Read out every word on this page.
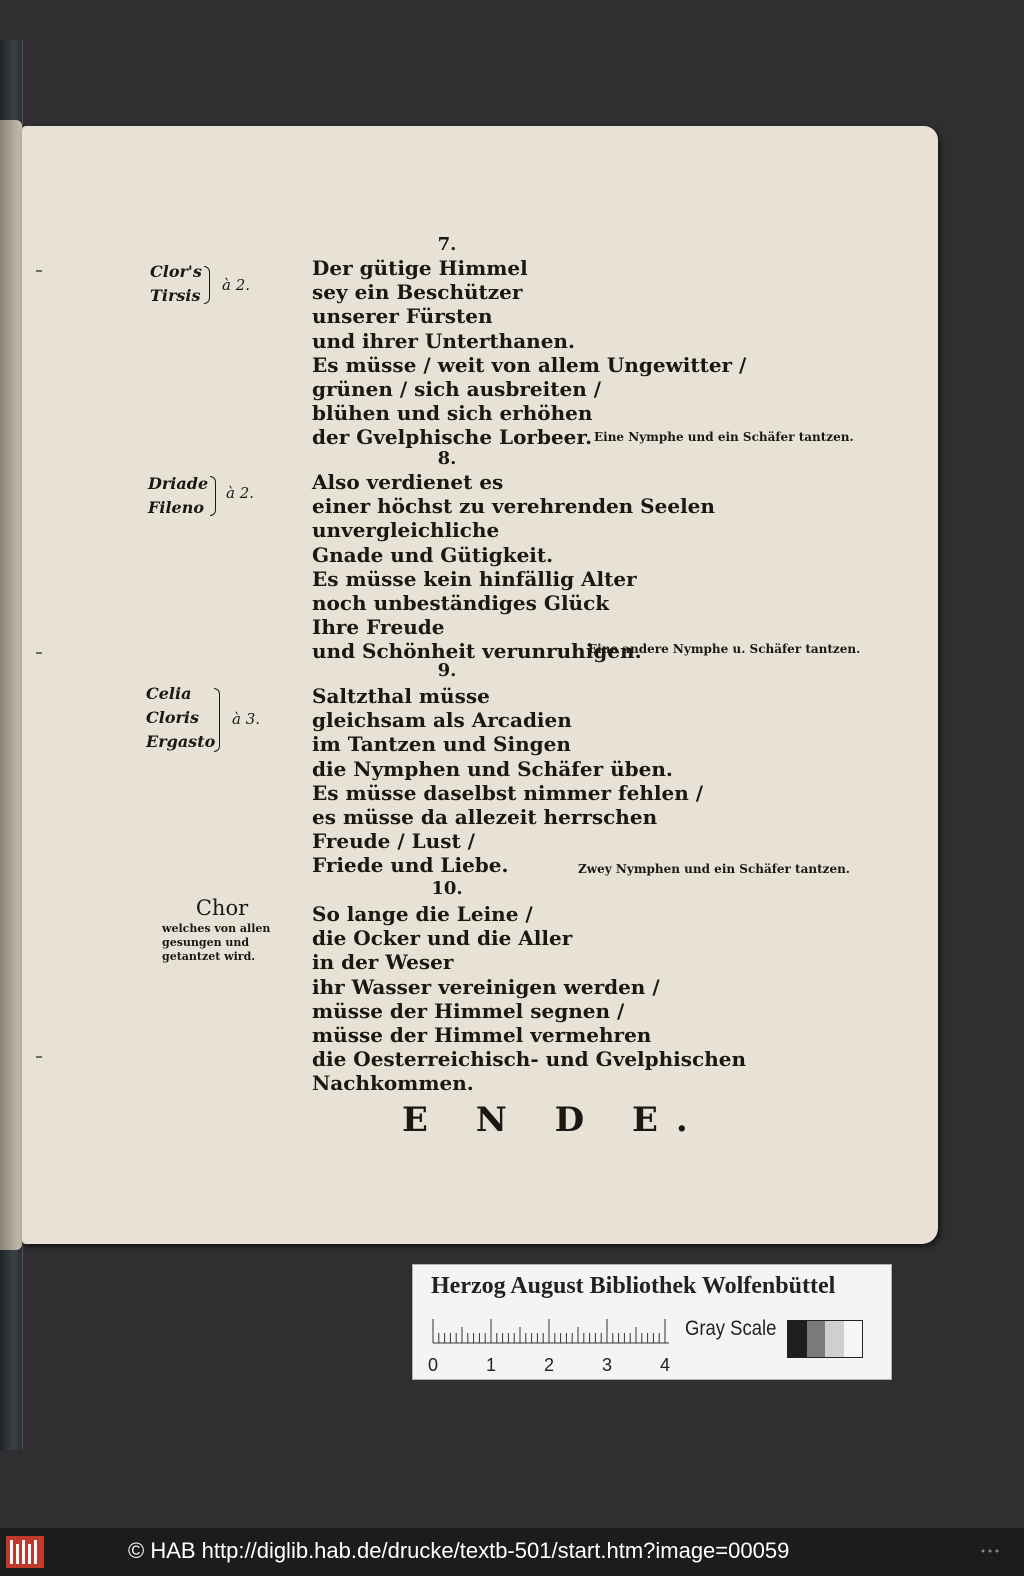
7.
Clor's
Tirsis
à 2.
Der gütige Himmel
sey ein Beschützer
unserer Fürsten
und ihrer Unterthanen.
Es müsse / weit von allem Ungewitter /
grünen / sich ausbreiten /
blühen und sich erhöhen
der Gvelphische Lorbeer. Eine Nymphe und ein Schäfer tantzen.
8.
Driade
Fileno
à 2.	Also verdienet es
einer höchst zu verehrenden Seelen
unvergleichliche
Gnade und Gütigkeit.
Es müsse kein hinfällig Alter
noch unbeständiges Glück
Ihre Freude
und Schönheit verunruhigen.
Eine andere Nymphe u. Schäfer tantzen.
9.
Celia
Cloris
Ergasto
à 3.
Saltzthal müsse
gleichsam als Arcadien
im Tantzen und Singen
die Nymphen und Schäfer üben.
Es müsse daselbst nimmer fehlen /
es müsse da allezeit herrschen
Freude / Lust /
Friede und Liebe.	Zwey Nymphen und ein Schäfer tantzen.
10.
Chor
welches von allen gesungen und getantzet wird.
So lange die Leine /
die Ocker und die Aller
in der Weser
ihr Wasser vereinigen werden /
müsse der Himmel segnen /
müsse der Himmel vermehren
die Oesterreichisch- und Gvelphischen
Nachkommen.
E N D E.
Herzog August Bibliothek Wolfenbüttel
0	1	2	3	4
Gray Scale
© HAB http://diglib.hab.de/drucke/textb-501/start.htm?image=00059
